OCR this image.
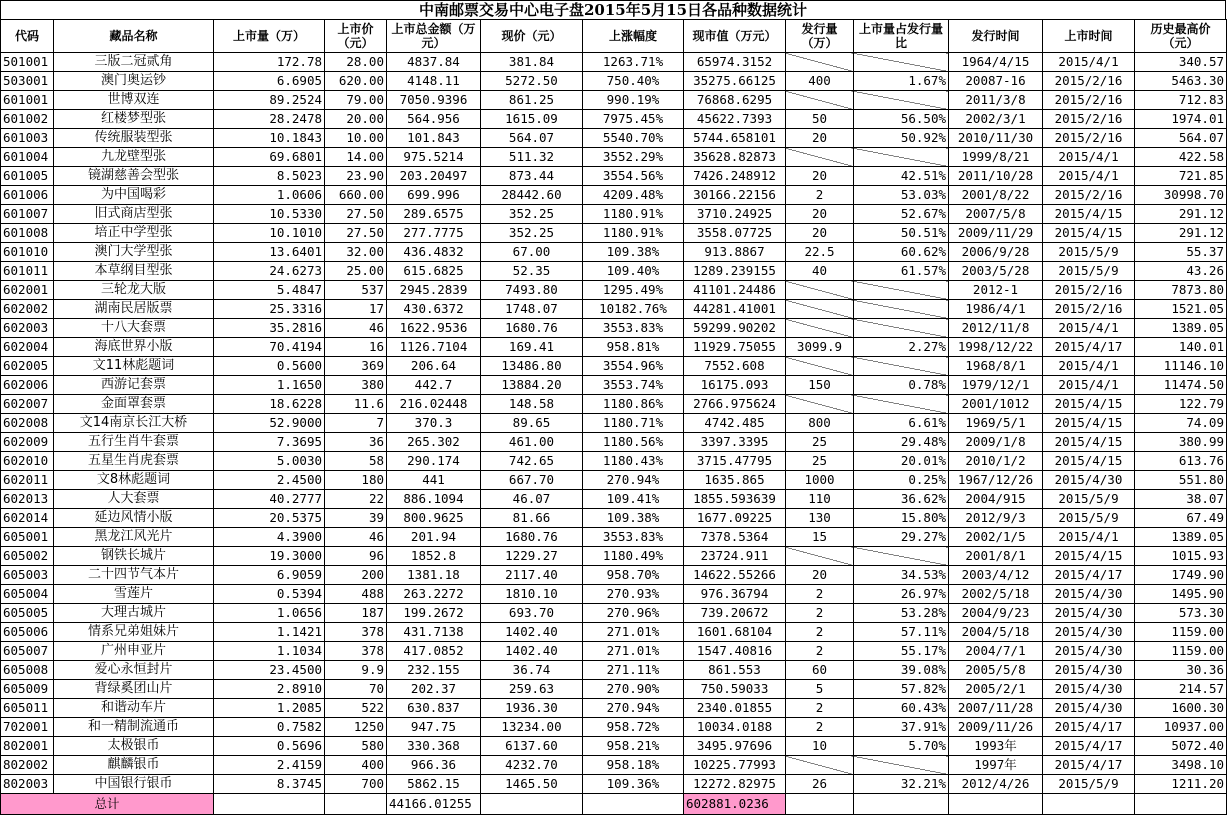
中南邮票交易中心电子盘2015年5月15日各品种数据统计
代码	藏品名称	上市量（万）	上市价（元）	上市总金额（万元）	现价（元）	上涨幅度	现市值（万元）	发行量（万）	上市量占发行量比	发行时间	上市时间	历史最高价（元）
501001	三版二冠贰角	172.78	28.00	4837.84	381.84	1263.71%	65974.3152			1964/4/15	2015/4/1	340.57
503001	澳门奥运钞	6.6905	620.00	4148.11	5272.50	750.40%	35275.66125	400	1.67%	20087-16	2015/2/16	5463.30
601001	世博双连	89.2524	79.00	7050.9396	861.25	990.19%	76868.6295			2011/3/8	2015/2/16	712.83
601002	红楼梦型张	28.2478	20.00	564.956	1615.09	7975.45%	45622.7393	50	56.50%	2002/3/1	2015/2/16	1974.01
601003	传统服装型张	10.1843	10.00	101.843	564.07	5540.70%	5744.658101	20	50.92%	2010/11/30	2015/2/16	564.07
601004	九龙壁型张	69.6801	14.00	975.5214	511.32	3552.29%	35628.82873			1999/8/21	2015/4/1	422.58
601005	镜湖慈善会型张	8.5023	23.90	203.20497	873.44	3554.56%	7426.248912	20	42.51%	2011/10/28	2015/4/1	721.85
601006	为中国喝彩	1.0606	660.00	699.996	28442.60	4209.48%	30166.22156	2	53.03%	2001/8/22	2015/2/16	30998.70
601007	旧式商店型张	10.5330	27.50	289.6575	352.25	1180.91%	3710.24925	20	52.67%	2007/5/8	2015/4/15	291.12
601008	培正中学型张	10.1010	27.50	277.7775	352.25	1180.91%	3558.07725	20	50.51%	2009/11/29	2015/4/15	291.12
601010	澳门大学型张	13.6401	32.00	436.4832	67.00	109.38%	913.8867	22.5	60.62%	2006/9/28	2015/5/9	55.37
601011	本草纲目型张	24.6273	25.00	615.6825	52.35	109.40%	1289.239155	40	61.57%	2003/5/28	2015/5/9	43.26
602001	三轮龙大版	5.4847	537	2945.2839	7493.80	1295.49%	41101.24486			2012-1	2015/2/16	7873.80
602002	湖南民居版票	25.3316	17	430.6372	1748.07	10182.76%	44281.41001			1986/4/1	2015/2/16	1521.05
602003	十八大套票	35.2816	46	1622.9536	1680.76	3553.83%	59299.90202			2012/11/8	2015/4/1	1389.05
602004	海底世界小版	70.4194	16	1126.7104	169.41	958.81%	11929.75055	3099.9	2.27%	1998/12/22	2015/4/17	140.01
602005	文11林彪题词	0.5600	369	206.64	13486.80	3554.96%	7552.608			1968/8/1	2015/4/1	11146.10
602006	西游记套票	1.1650	380	442.7	13884.20	3553.74%	16175.093	150	0.78%	1979/12/1	2015/4/1	11474.50
602007	金面罩套票	18.6228	11.6	216.02448	148.58	1180.86%	2766.975624			2001/1012	2015/4/15	122.79
602008	文14南京长江大桥	52.9000	7	370.3	89.65	1180.71%	4742.485	800	6.61%	1969/5/1	2015/4/15	74.09
602009	五行生肖牛套票	7.3695	36	265.302	461.00	1180.56%	3397.3395	25	29.48%	2009/1/8	2015/4/15	380.99
602010	五星生肖虎套票	5.0030	58	290.174	742.65	1180.43%	3715.47795	25	20.01%	2010/1/2	2015/4/15	613.76
602011	文8林彪题词	2.4500	180	441	667.70	270.94%	1635.865	1000	0.25%	1967/12/26	2015/4/30	551.80
602013	人大套票	40.2777	22	886.1094	46.07	109.41%	1855.593639	110	36.62%	2004/915	2015/5/9	38.07
602014	延边风情小版	20.5375	39	800.9625	81.66	109.38%	1677.09225	130	15.80%	2012/9/3	2015/5/9	67.49
605001	黑龙江风光片	4.3900	46	201.94	1680.76	3553.83%	7378.5364	15	29.27%	2002/1/5	2015/4/1	1389.05
605002	钢铁长城片	19.3000	96	1852.8	1229.27	1180.49%	23724.911			2001/8/1	2015/4/15	1015.93
605003	二十四节气本片	6.9059	200	1381.18	2117.40	958.70%	14622.55266	20	34.53%	2003/4/12	2015/4/17	1749.90
605004	雪莲片	0.5394	488	263.2272	1810.10	270.93%	976.36794	2	26.97%	2002/5/18	2015/4/30	1495.90
605005	大理古城片	1.0656	187	199.2672	693.70	270.96%	739.20672	2	53.28%	2004/9/23	2015/4/30	573.30
605006	情系兄弟姐妹片	1.1421	378	431.7138	1402.40	271.01%	1601.68104	2	57.11%	2004/5/18	2015/4/30	1159.00
605007	广州申亚片	1.1034	378	417.0852	1402.40	271.01%	1547.40816	2	55.17%	2004/7/1	2015/4/30	1159.00
605008	爱心永恒封片	23.4500	9.9	232.155	36.74	271.11%	861.553	60	39.08%	2005/5/8	2015/4/30	30.36
605009	背绿奚团山片	2.8910	70	202.37	259.63	270.90%	750.59033	5	57.82%	2005/2/1	2015/4/30	214.57
605011	和谐动车片	1.2085	522	630.837	1936.30	270.94%	2340.01855	2	60.43%	2007/11/28	2015/4/30	1600.30
702001	和一精制流通币	0.7582	1250	947.75	13234.00	958.72%	10034.0188	2	37.91%	2009/11/26	2015/4/17	10937.00
802001	太极银币	0.5696	580	330.368	6137.60	958.21%	3495.97696	10	5.70%	1993年	2015/4/17	5072.40
802002	麒麟银币	2.4159	400	966.36	4232.70	958.18%	10225.77993			1997年	2015/4/17	3498.10
802003	中国银行银币	8.3745	700	5862.15	1465.50	109.36%	12272.82975	26	32.21%	2012/4/26	2015/5/9	1211.20
总计				44166.01255			602881.0236					
